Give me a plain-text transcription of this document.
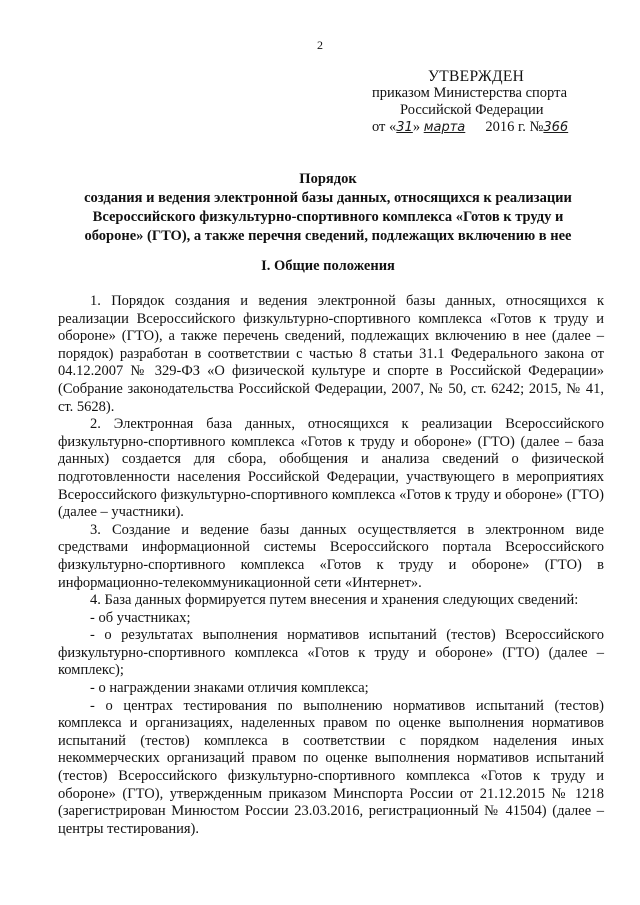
2
УТВЕРЖДЕН
приказом Министерства спорта
Российской Федерации
от «31» марта 2016 г. №366
Порядок
создания и ведения электронной базы данных, относящихся к реализации
Всероссийского физкультурно-спортивного комплекса «Готов к труду и
обороне» (ГТО), а также перечня сведений, подлежащих включению в нее
I. Общие положения

1. Порядок создания и ведения электронной базы данных, относящихся к реализации Всероссийского физкультурно-спортивного комплекса «Готов к труду и обороне» (ГТО), а также перечень сведений, подлежащих включению в нее (далее – порядок) разработан в соответствии с частью 8 статьи 31.1 Федерального закона от 04.12.2007 № 329-ФЗ «О физической культуре и спорте в Российской Федерации» (Собрание законодательства Российской Федерации, 2007, № 50, ст. 6242; 2015, № 41, ст. 5628).

2. Электронная база данных, относящихся к реализации Всероссийского физкультурно-спортивного комплекса «Готов к труду и обороне» (ГТО) (далее – база данных) создается для сбора, обобщения и анализа сведений о физической подготовленности населения Российской Федерации, участвующего в мероприятиях Всероссийского физкультурно-спортивного комплекса «Готов к труду и обороне» (ГТО) (далее – участники).

3. Создание и ведение базы данных осуществляется в электронном виде средствами информационной системы Всероссийского портала Всероссийского физкультурно-спортивного комплекса «Готов к труду и обороне» (ГТО) в информационно-телекоммуникационной сети «Интернет».

4. База данных формируется путем внесения и хранения следующих сведений:

- об участниках;

- о результатах выполнения нормативов испытаний (тестов) Всероссийского физкультурно-спортивного комплекса «Готов к труду и обороне» (ГТО) (далее – комплекс);

- о награждении знаками отличия комплекса;

- о центрах тестирования по выполнению нормативов испытаний (тестов) комплекса и организациях, наделенных правом по оценке выполнения нормативов испытаний (тестов) комплекса в соответствии с порядком наделения иных некоммерческих организаций правом по оценке выполнения нормативов испытаний (тестов) Всероссийского физкультурно-спортивного комплекса «Готов к труду и обороне» (ГТО), утвержденным приказом Минспорта России от 21.12.2015 № 1218 (зарегистрирован Минюстом России 23.03.2016, регистрационный № 41504) (далее – центры тестирования).
